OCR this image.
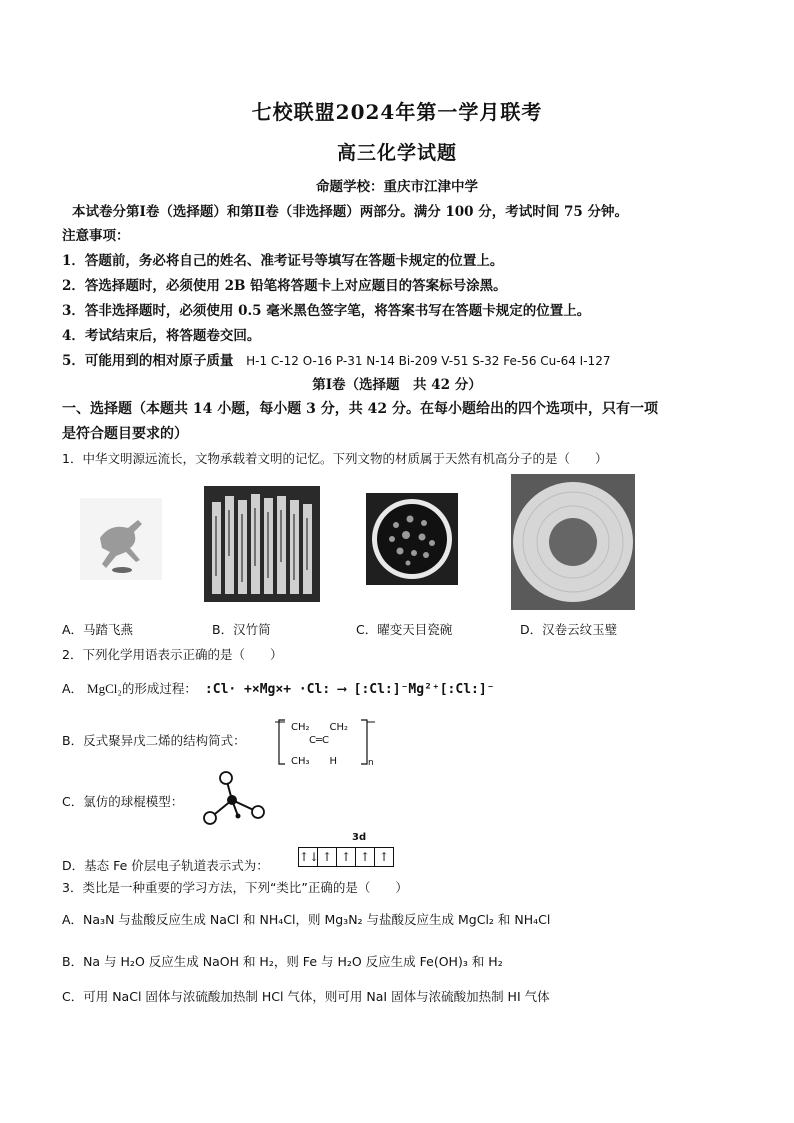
七校联盟2024年第一学月联考
高三化学试题
命题学校：重庆市江津中学
本试卷分第Ⅰ卷（选择题）和第Ⅱ卷（非选择题）两部分。满分 100 分，考试时间 75 分钟。
注意事项：
1．答题前，务必将自己的姓名、准考证号等填写在答题卡规定的位置上。
2．答选择题时，必须使用 2B 铅笔将答题卡上对应题目的答案标号涂黑。
3．答非选择题时，必须使用 0.5 毫米黑色签字笔，将答案书写在答题卡规定的位置上。
4．考试结束后，将答题卷交回。
5．可能用到的相对原子质量 H-1 C-12 O-16 P-31 N-14 Bi-209 V-51 S-32 Fe-56 Cu-64 I-127
第Ⅰ卷（选择题　共 42 分）
一、选择题（本题共 14 小题，每小题 3 分，共 42 分。在每小题给出的四个选项中，只有一项
是符合题目要求的）
1．中华文明源远流长，文物承载着文明的记忆。下列文物的材质属于天然有机高分子的是（　　）
A．马踏飞燕	B．汉竹简	C．曜变天目瓷碗	D．汉卷云纹玉璧
2．下列化学用语表示正确的是（　　）
A． MgCl₂的形成过程： :Cl· +×Mg×+ ·Cl: ⟶ [:Cl:]⁻Mg²⁺[:Cl:]⁻
B．反式聚异戊二烯的结构简式：
CH₂　　CH₂
C═C
CH₃　　H	n
C．氯仿的球棍模型：
D．基态 Fe 价层电子轨道表示式为：
3d
↑↓ ↑ ↑ ↑ ↑
3．类比是一种重要的学习方法，下列“类比”正确的是（　　）
A．Na₃N 与盐酸反应生成 NaCl 和 NH₄Cl，则 Mg₃N₂ 与盐酸反应生成 MgCl₂ 和 NH₄Cl
B．Na 与 H₂O 反应生成 NaOH 和 H₂，则 Fe 与 H₂O 反应生成 Fe(OH)₃ 和 H₂
C．可用 NaCl 固体与浓硫酸加热制 HCl 气体，则可用 NaI 固体与浓硫酸加热制 HI 气体
